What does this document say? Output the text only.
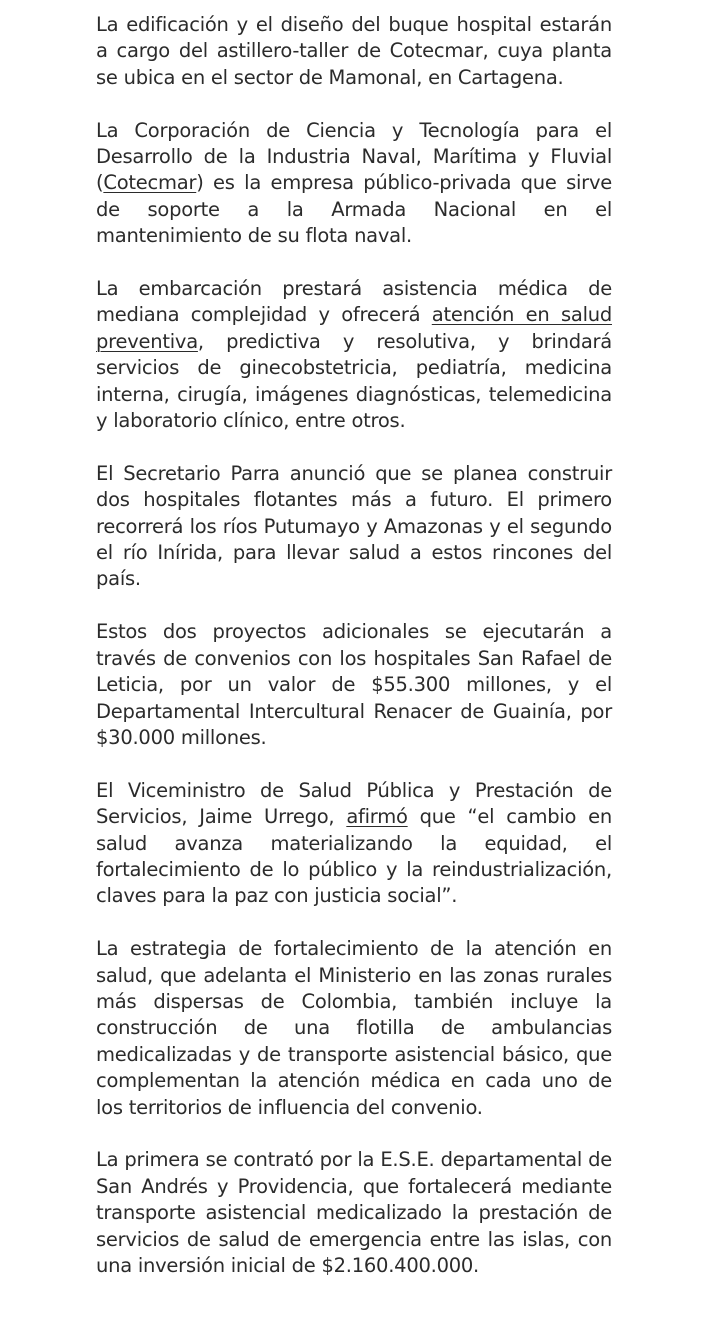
La edificación y el diseño del buque hospital estarán a cargo del astillero-taller de Cotecmar, cuya planta se ubica en el sector de Mamonal, en Cartagena.

La Corporación de Ciencia y Tecnología para el Desarrollo de la Industria Naval, Marítima y Fluvial (Cotecmar) es la empresa público-privada que sirve de soporte a la Armada Nacional en el mantenimiento de su flota naval.

La embarcación prestará asistencia médica de mediana complejidad y ofrecerá atención en salud preventiva, predictiva y resolutiva, y brindará servicios de ginecobstetricia, pediatría, medicina interna, cirugía, imágenes diagnósticas, telemedicina y laboratorio clínico, entre otros.

El Secretario Parra anunció que se planea construir dos hospitales flotantes más a futuro. El primero recorrerá los ríos Putumayo y Amazonas y el segundo el río Inírida, para llevar salud a estos rincones del país.

Estos dos proyectos adicionales se ejecutarán a través de convenios con los hospitales San Rafael de Leticia, por un valor de $55.300 millones, y el Departamental Intercultural Renacer de Guainía, por $30.000 millones.

El Viceministro de Salud Pública y Prestación de Servicios, Jaime Urrego, afirmó que “el cambio en salud avanza materializando la equidad, el fortalecimiento de lo público y la reindustrialización, claves para la paz con justicia social”.

La estrategia de fortalecimiento de la atención en salud, que adelanta el Ministerio en las zonas rurales más dispersas de Colombia, también incluye la construcción de una flotilla de ambulancias medicalizadas y de transporte asistencial básico, que complementan la atención médica en cada uno de los territorios de influencia del convenio.

La primera se contrató por la E.S.E. departamental de San Andrés y Providencia, que fortalecerá mediante transporte asistencial medicalizado la prestación de servicios de salud de emergencia entre las islas, con una inversión inicial de $2.160.400.000.
